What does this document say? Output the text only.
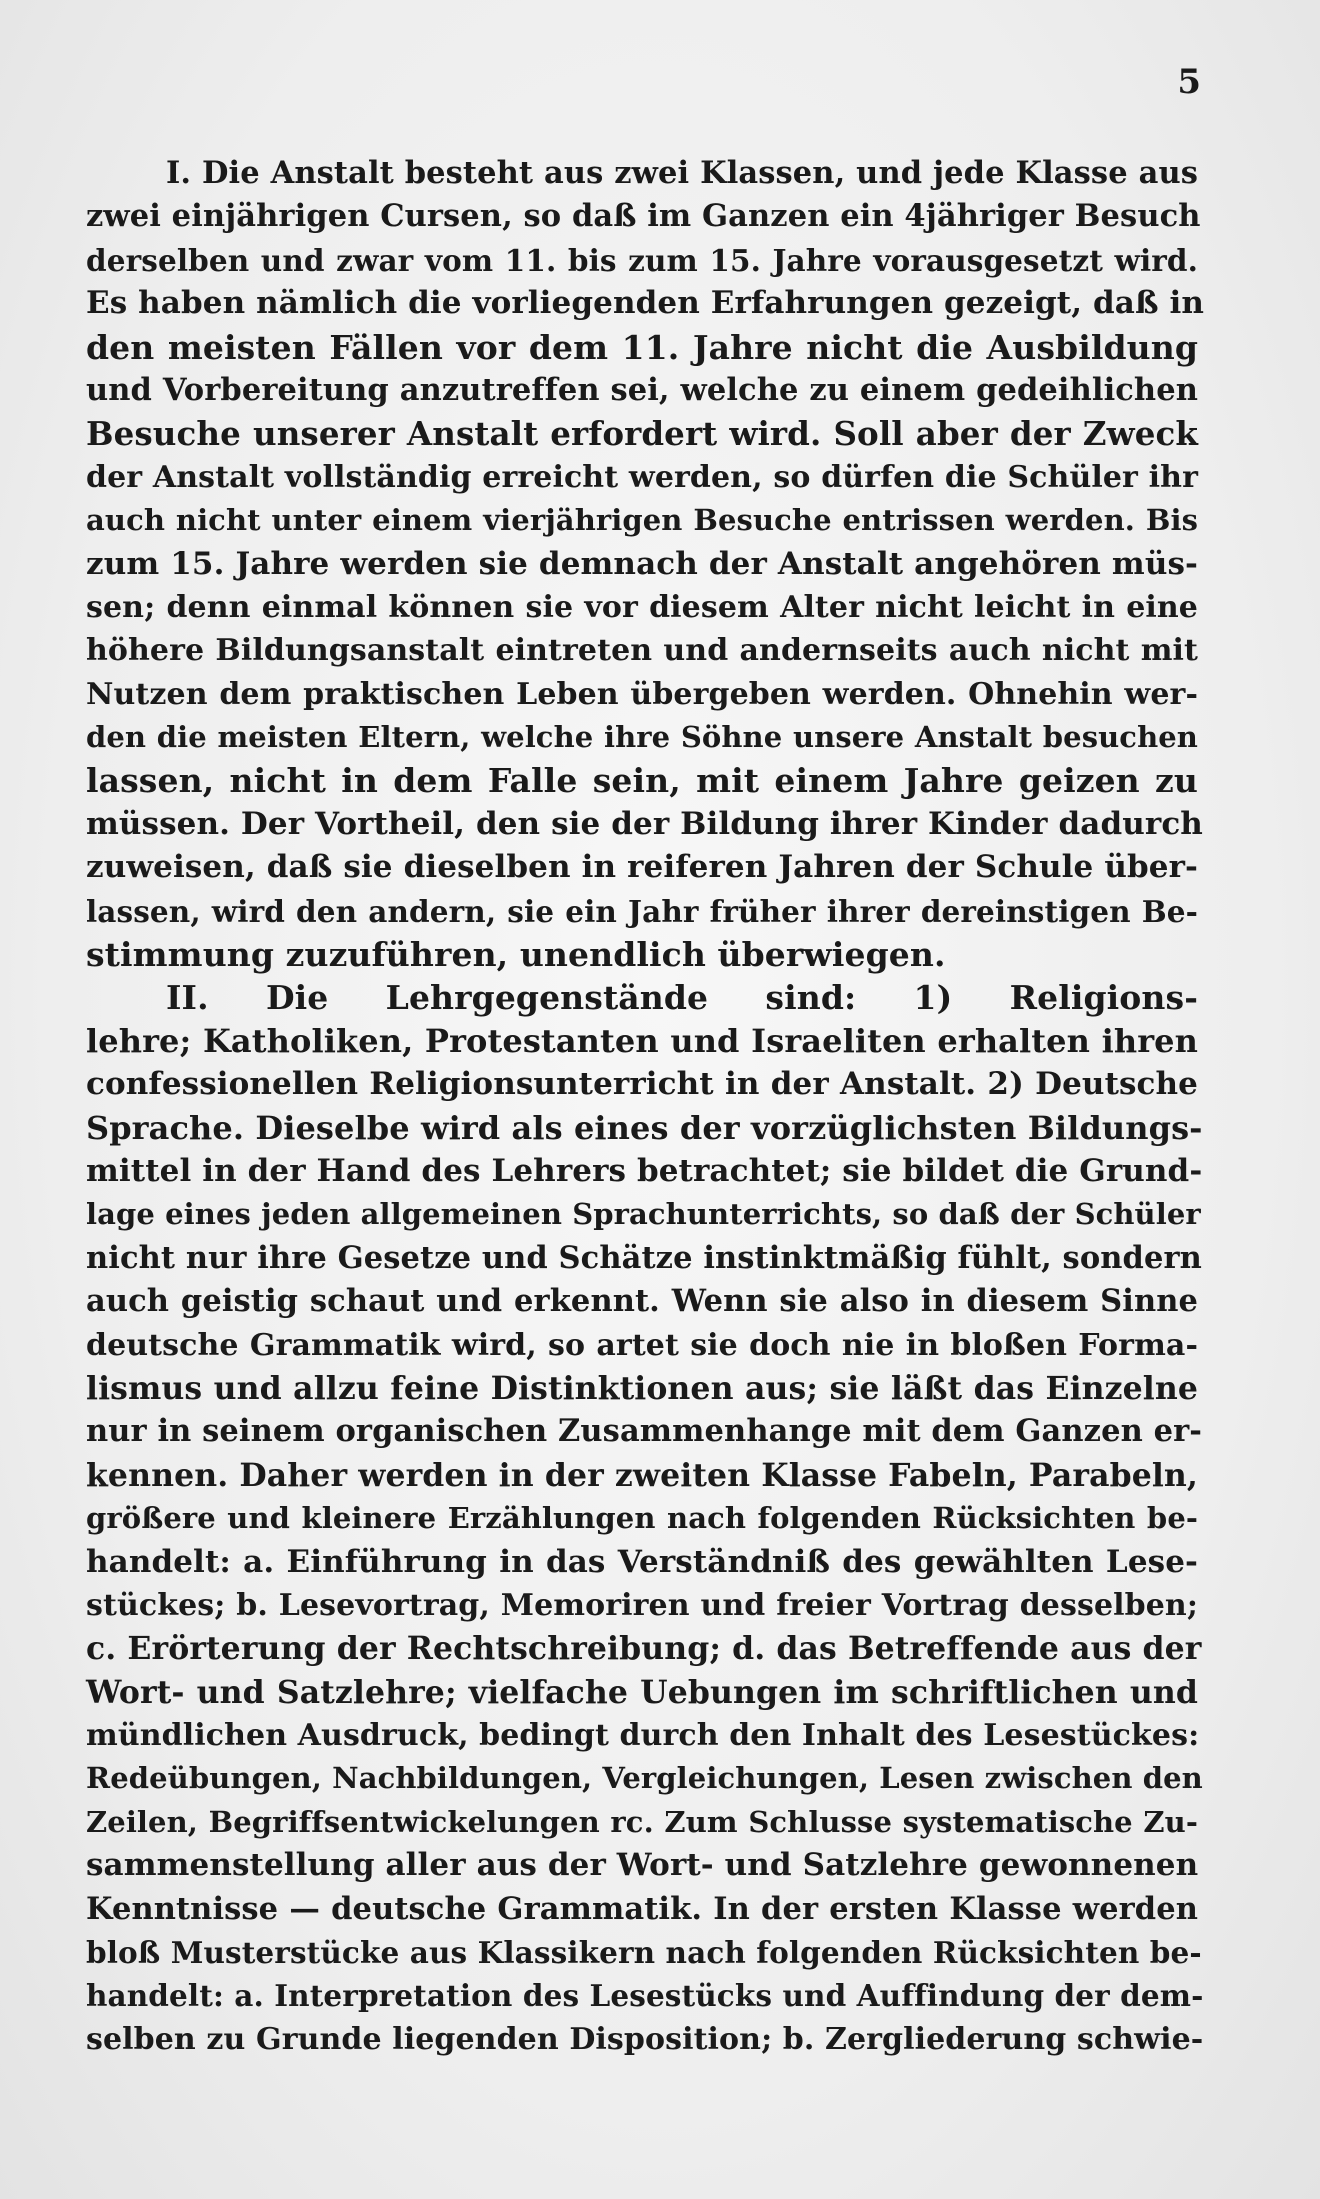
5
I. Die Anstalt besteht aus zwei Klassen, und jede Klasse aus
zwei einjährigen Cursen, so daß im Ganzen ein 4jähriger Besuch
derselben und zwar vom 11. bis zum 15. Jahre vorausgesetzt wird.
Es haben nämlich die vorliegenden Erfahrungen gezeigt, daß in
den meisten Fällen vor dem 11. Jahre nicht die Ausbildung
und Vorbereitung anzutreffen sei, welche zu einem gedeihlichen
Besuche unserer Anstalt erfordert wird. Soll aber der Zweck
der Anstalt vollständig erreicht werden, so dürfen die Schüler ihr
auch nicht unter einem vierjährigen Besuche entrissen werden. Bis
zum 15. Jahre werden sie demnach der Anstalt angehören müs-
sen; denn einmal können sie vor diesem Alter nicht leicht in eine
höhere Bildungsanstalt eintreten und andernseits auch nicht mit
Nutzen dem praktischen Leben übergeben werden. Ohnehin wer-
den die meisten Eltern, welche ihre Söhne unsere Anstalt besuchen
lassen, nicht in dem Falle sein, mit einem Jahre geizen zu
müssen. Der Vortheil, den sie der Bildung ihrer Kinder dadurch
zuweisen, daß sie dieselben in reiferen Jahren der Schule über-
lassen, wird den andern, sie ein Jahr früher ihrer dereinstigen Be-
stimmung zuzuführen, unendlich überwiegen.
II. Die Lehrgegenstände sind: 1) Religions-
lehre; Katholiken, Protestanten und Israeliten erhalten ihren
confessionellen Religionsunterricht in der Anstalt. 2) Deutsche
Sprache. Dieselbe wird als eines der vorzüglichsten Bildungs-
mittel in der Hand des Lehrers betrachtet; sie bildet die Grund-
lage eines jeden allgemeinen Sprachunterrichts, so daß der Schüler
nicht nur ihre Gesetze und Schätze instinktmäßig fühlt, sondern
auch geistig schaut und erkennt. Wenn sie also in diesem Sinne
deutsche Grammatik wird, so artet sie doch nie in bloßen Forma-
lismus und allzu feine Distinktionen aus; sie läßt das Einzelne
nur in seinem organischen Zusammenhange mit dem Ganzen er-
kennen. Daher werden in der zweiten Klasse Fabeln, Parabeln,
größere und kleinere Erzählungen nach folgenden Rücksichten be-
handelt: a. Einführung in das Verständniß des gewählten Lese-
stückes; b. Lesevortrag, Memoriren und freier Vortrag desselben;
c. Erörterung der Rechtschreibung; d. das Betreffende aus der
Wort- und Satzlehre; vielfache Uebungen im schriftlichen und
mündlichen Ausdruck, bedingt durch den Inhalt des Lesestückes:
Redeübungen, Nachbildungen, Vergleichungen, Lesen zwischen den
Zeilen, Begriffsentwickelungen rc. Zum Schlusse systematische Zu-
sammenstellung aller aus der Wort- und Satzlehre gewonnenen
Kenntnisse — deutsche Grammatik. In der ersten Klasse werden
bloß Musterstücke aus Klassikern nach folgenden Rücksichten be-
handelt: a. Interpretation des Lesestücks und Auffindung der dem-
selben zu Grunde liegenden Disposition; b. Zergliederung schwie-
